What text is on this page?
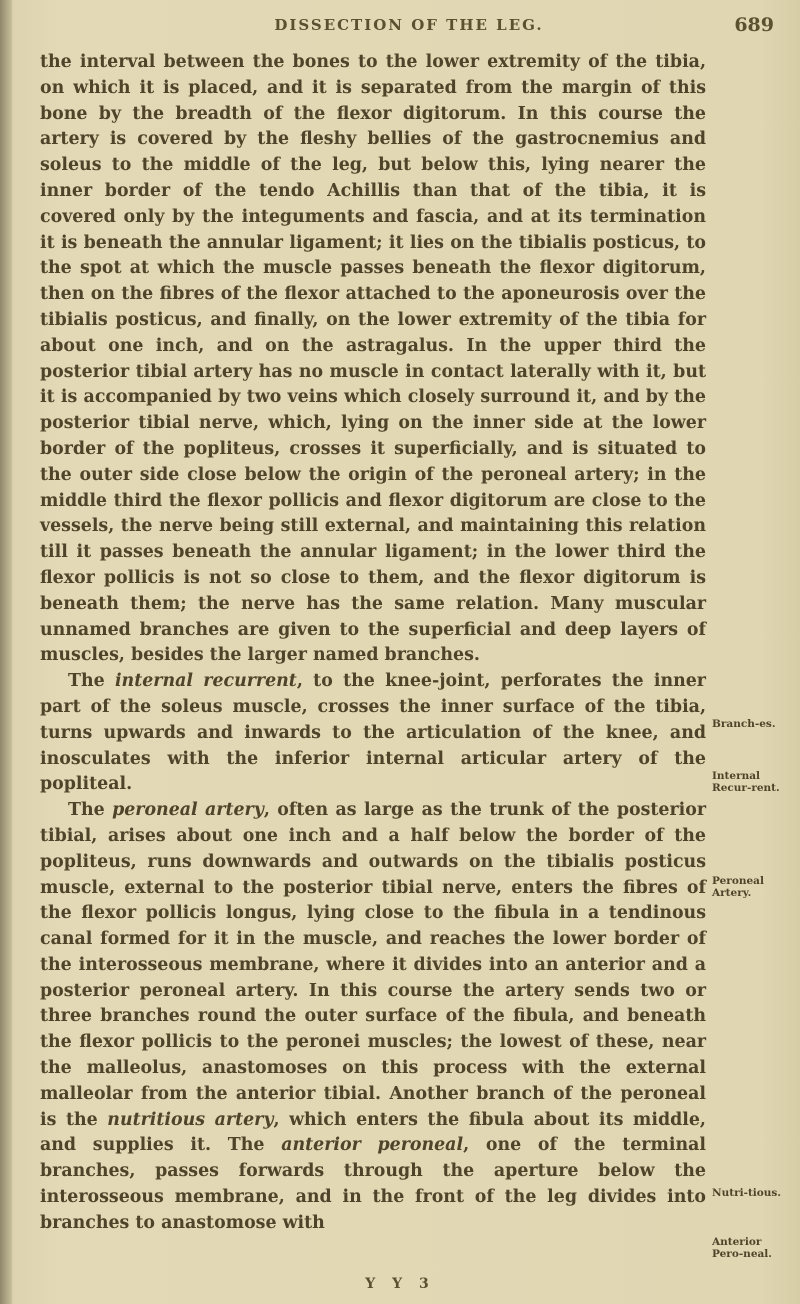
DISSECTION OF THE LEG.	689

the interval between the bones to the lower extremity of the tibia, on which it is placed, and it is separated from the margin of this bone by the breadth of the flexor digitorum. In this course the artery is covered by the fleshy bellies of the gastrocnemius and soleus to the middle of the leg, but below this, lying nearer the inner border of the tendo Achillis than that of the tibia, it is covered only by the integuments and fascia, and at its termination it is beneath the annular ligament; it lies on the tibialis posticus, to the spot at which the muscle passes beneath the flexor digitorum, then on the fibres of the flexor attached to the aponeurosis over the tibialis posticus, and finally, on the lower extremity of the tibia for about one inch, and on the astragalus. In the upper third the posterior tibial artery has no muscle in contact laterally with it, but it is accompanied by two veins which closely surround it, and by the posterior tibial nerve, which, lying on the inner side at the lower border of the popliteus, crosses it superficially, and is situated to the outer side close below the origin of the peroneal artery; in the middle third the flexor pollicis and flexor digitorum are close to the vessels, the nerve being still external, and maintaining this relation till it passes beneath the annular ligament; in the lower third the flexor pollicis is not so close to them, and the flexor digitorum is beneath them; the nerve has the same relation. Many muscular unnamed branches are given to the superficial and deep layers of muscles, besides the larger named branches.

The internal recurrent, to the knee-joint, perforates the inner part of the soleus muscle, crosses the inner surface of the tibia, turns upwards and inwards to the articulation of the knee, and inosculates with the inferior internal articular artery of the popliteal.

The peroneal artery, often as large as the trunk of the posterior tibial, arises about one inch and a half below the border of the popliteus, runs downwards and outwards on the tibialis posticus muscle, external to the posterior tibial nerve, enters the fibres of the flexor pollicis longus, lying close to the fibula in a tendinous canal formed for it in the muscle, and reaches the lower border of the interosseous membrane, where it divides into an anterior and a posterior peroneal artery. In this course the artery sends two or three branches round the outer surface of the fibula, and beneath the flexor pollicis to the peronei muscles; the lowest of these, near the malleolus, anastomoses on this process with the external malleolar from the anterior tibial. Another branch of the peroneal is the nutritious artery, which enters the fibula about its middle, and supplies it. The anterior peroneal, one of the terminal branches, passes forwards through the aperture below the interosseous membrane, and in the front of the leg divides into branches to anastomose with

Branch-es.
Internal Recur-rent.
Peroneal Artery.
Nutri-tious.
Anterior Pero-neal.
Y Y 3
